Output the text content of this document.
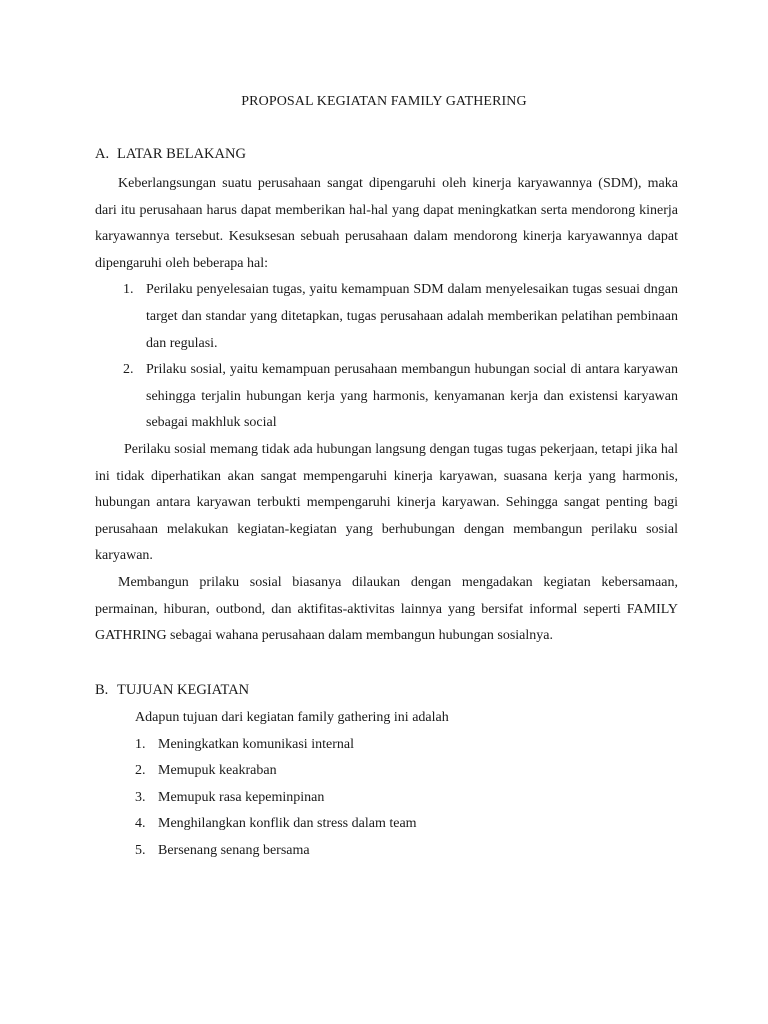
PROPOSAL KEGIATAN FAMILY GATHERING
A. LATAR BELAKANG

Keberlangsungan suatu perusahaan sangat dipengaruhi oleh kinerja karyawannya (SDM), maka dari itu perusahaan harus dapat memberikan hal-hal yang dapat meningkatkan serta mendorong kinerja karyawannya tersebut. Kesuksesan sebuah perusahaan dalam mendorong kinerja karyawannya dapat dipengaruhi oleh beberapa hal:

1. Perilaku penyelesaian tugas, yaitu kemampuan SDM dalam menyelesaikan tugas sesuai dngan target dan standar yang ditetapkan, tugas perusahaan adalah memberikan pelatihan pembinaan dan regulasi.
2. Prilaku sosial, yaitu kemampuan perusahaan membangun hubungan social di antara karyawan sehingga terjalin hubungan kerja yang harmonis, kenyamanan kerja dan existensi karyawan sebagai makhluk social

Perilaku sosial memang tidak ada hubungan langsung dengan tugas tugas pekerjaan, tetapi jika hal ini tidak diperhatikan akan sangat mempengaruhi kinerja karyawan, suasana kerja yang harmonis, hubungan antara karyawan terbukti mempengaruhi kinerja karyawan. Sehingga sangat penting bagi perusahaan melakukan kegiatan-kegiatan yang berhubungan dengan membangun perilaku sosial karyawan.

Membangun prilaku sosial biasanya dilaukan dengan mengadakan kegiatan kebersamaan, permainan, hiburan, outbond, dan aktifitas-aktivitas lainnya yang bersifat informal seperti FAMILY GATHRING sebagai wahana perusahaan dalam membangun hubungan sosialnya.

B. TUJUAN KEGIATAN

Adapun tujuan dari kegiatan family gathering ini adalah

1. Meningkatkan komunikasi internal
2. Memupuk keakraban
3. Memupuk rasa kepeminpinan
4. Menghilangkan konflik dan stress dalam team
5. Bersenang senang bersama
